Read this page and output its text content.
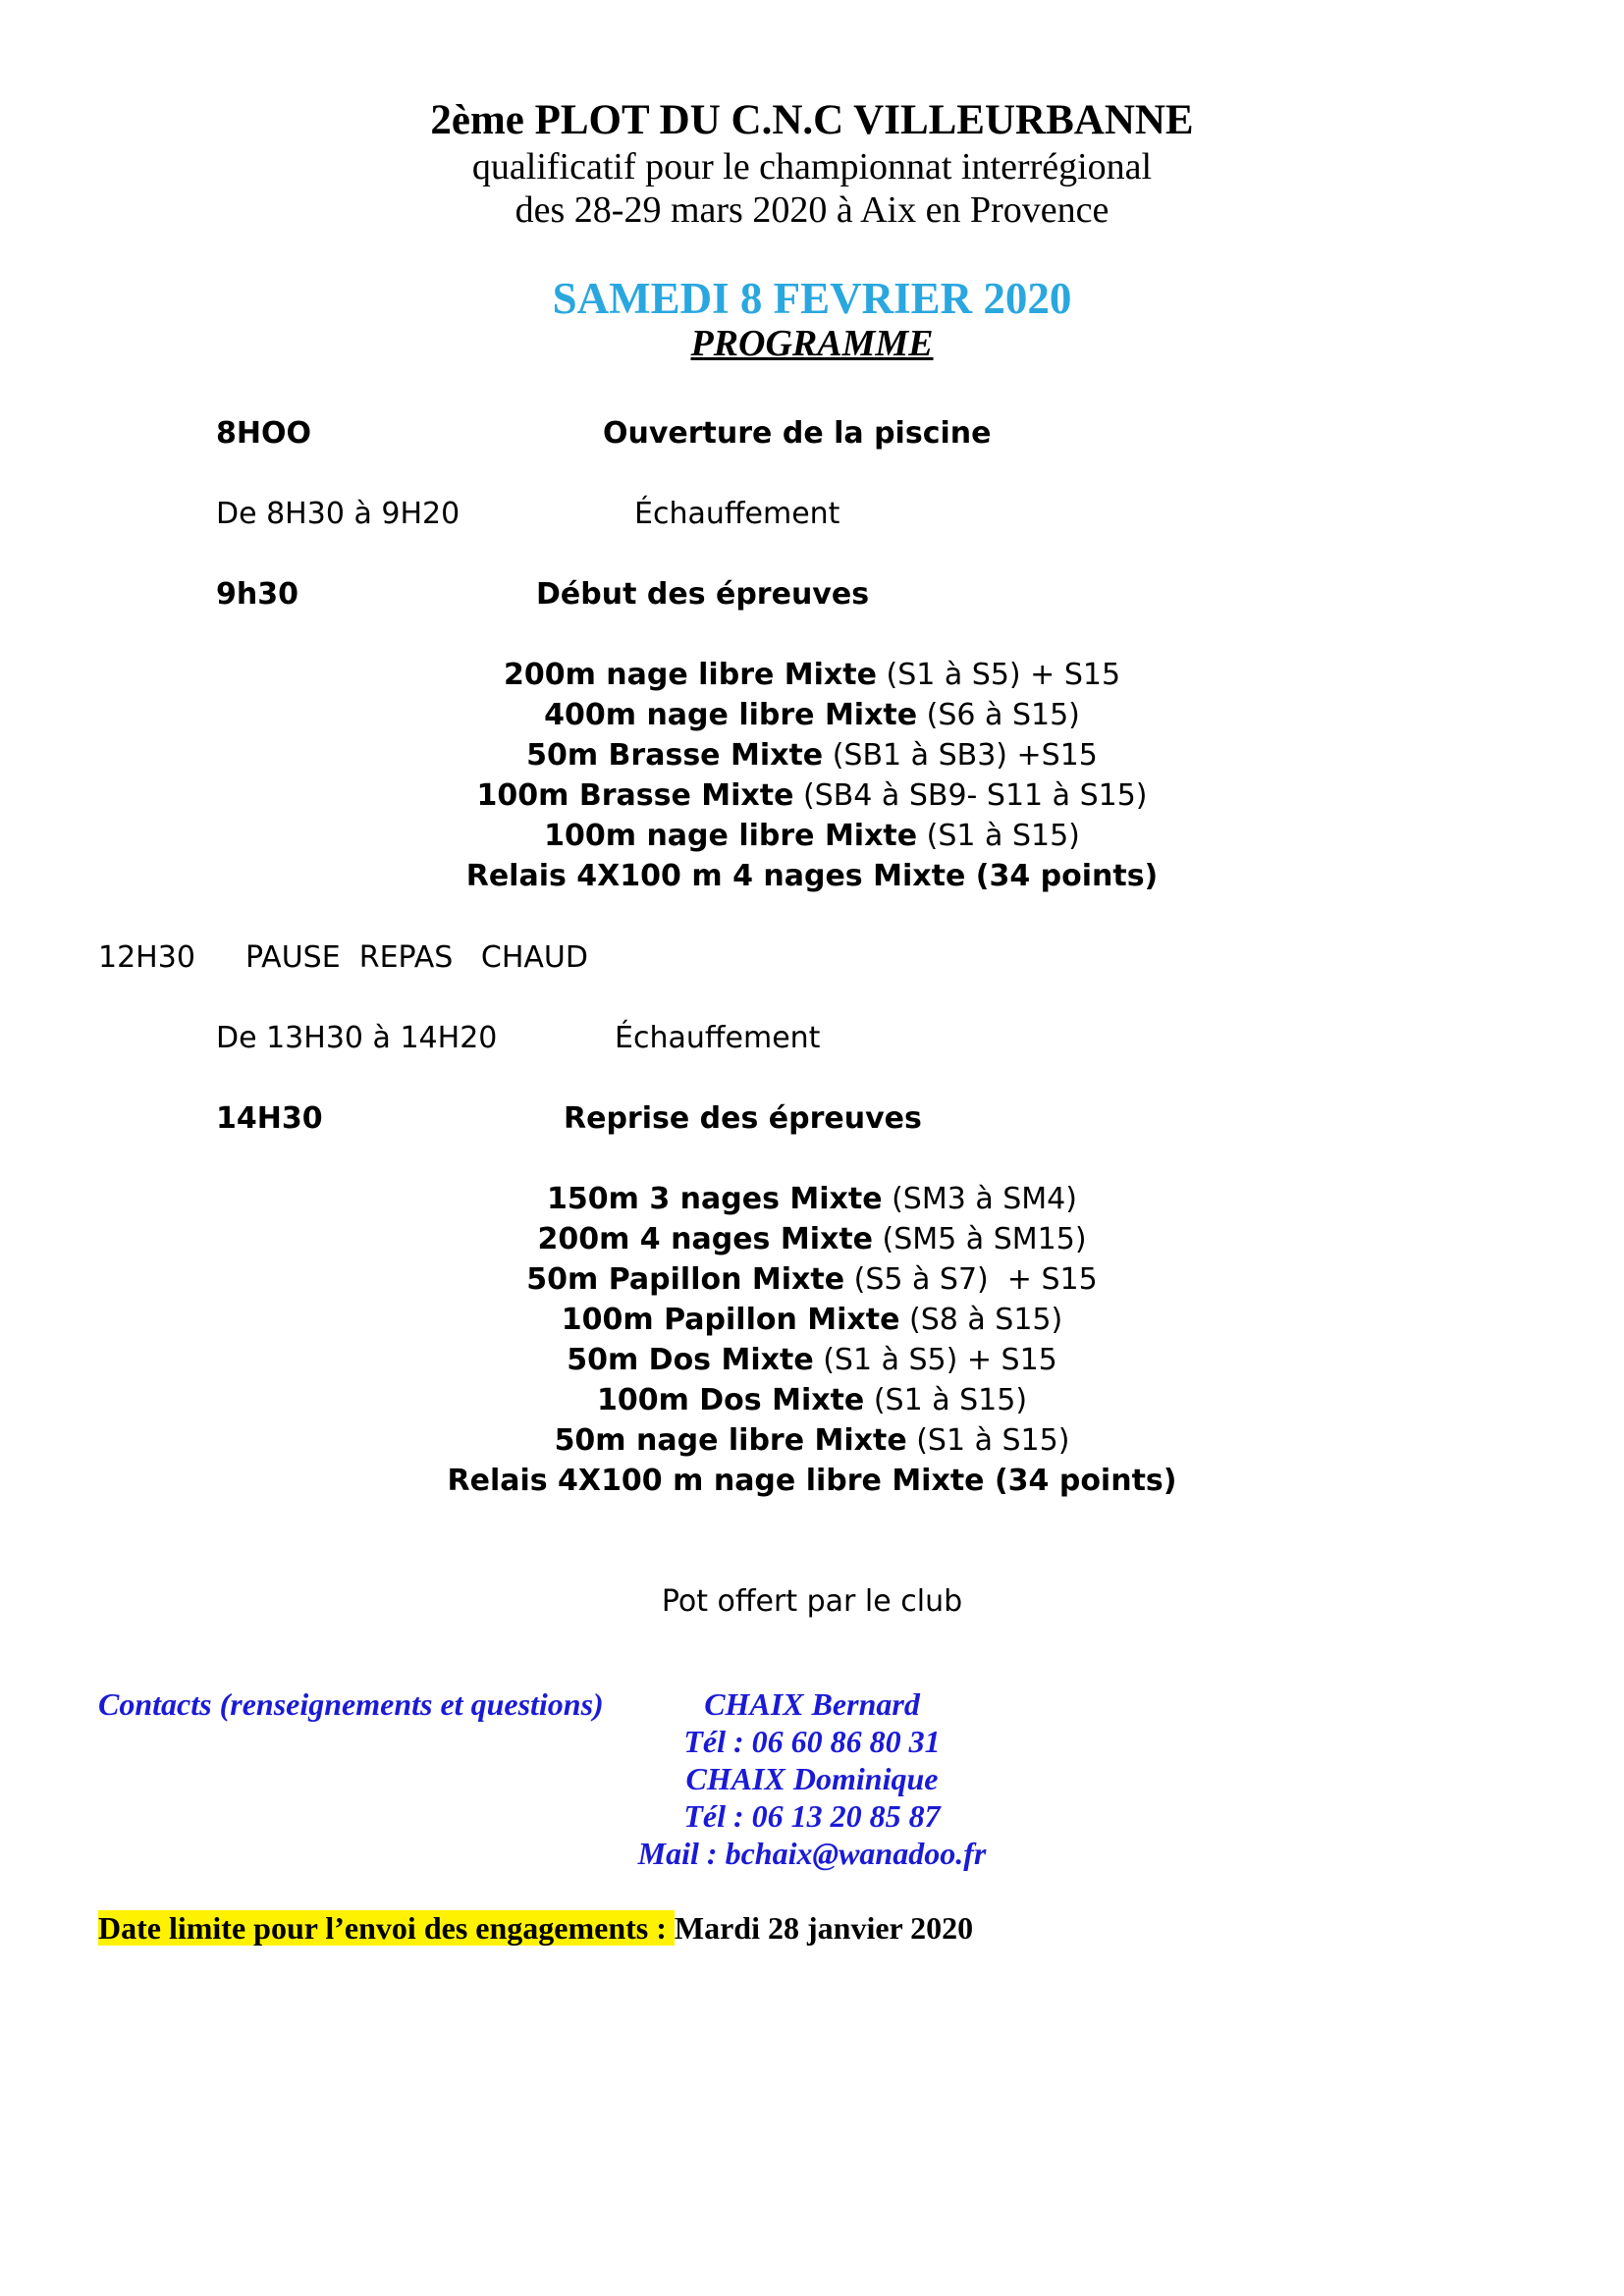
2ème PLOT DU C.N.C VILLEURBANNE
qualificatif pour le championnat interrégional
des 28-29 mars 2020 à Aix en Provence
SAMEDI 8 FEVRIER 2020
PROGRAMME
8HOO	Ouverture de la piscine
De 8H30 à 9H20	Échauffement
9h30	Début des épreuves
200m nage libre Mixte (S1 à S5) + S15
400m nage libre Mixte (S6 à S15)
50m Brasse Mixte (SB1 à SB3) +S15
100m Brasse Mixte (SB4 à SB9- S11 à S15)
100m nage libre Mixte (S1 à S15)
Relais 4X100 m 4 nages Mixte (34 points)
12H30 PAUSE  REPAS   CHAUD
De 13H30 à 14H20	Échauffement
14H30	Reprise des épreuves
150m 3 nages Mixte (SM3 à SM4)
200m 4 nages Mixte (SM5 à SM15)
50m Papillon Mixte (S5 à S7)  + S15
100m Papillon Mixte (S8 à S15)
50m Dos Mixte (S1 à S5) + S15
100m Dos Mixte (S1 à S15)
50m nage libre Mixte (S1 à S15)
Relais 4X100 m nage libre Mixte (34 points)
Pot offert par le club
Contacts (renseignements et questions)	CHAIX Bernard
Tél : 06 60 86 80 31
CHAIX Dominique
Tél : 06 13 20 85 87
Mail : bchaix@wanadoo.fr
Date limite pour l’envoi des engagements : Mardi 28 janvier 2020
